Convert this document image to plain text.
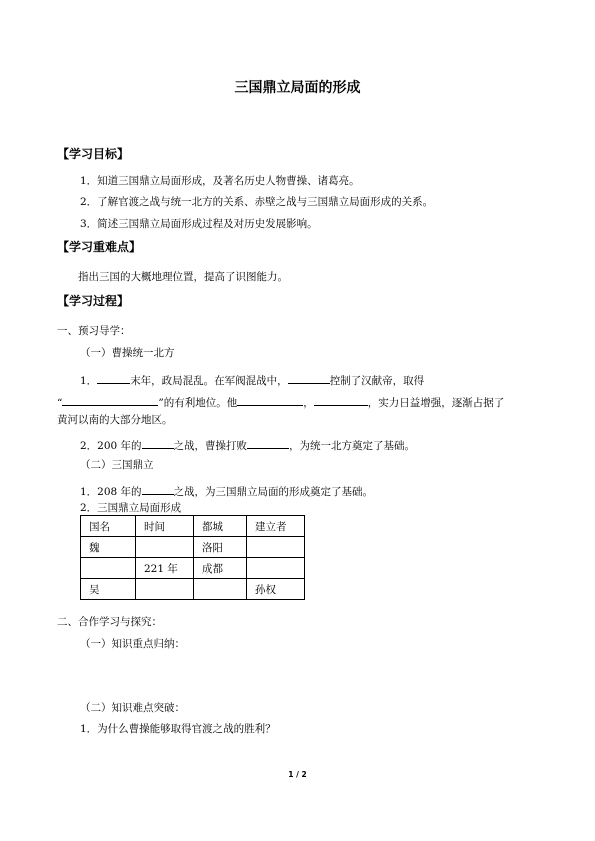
三国鼎立局面的形成
【学习目标】
1．知道三国鼎立局面形成，及著名历史人物曹操、诸葛亮。
2．了解官渡之战与统一北方的关系、赤壁之战与三国鼎立局面形成的关系。
3．简述三国鼎立局面形成过程及对历史发展影响。
【学习重难点】
指出三国的大概地理位置，提高了识图能力。
【学习过程】
一、预习导学：
（一）曹操统一北方
1．	末年，政局混乱。在军阀混战中，	控制了汉献帝，取得
“	”的有利地位。他	，	，实力日益增强，逐渐占据了
黄河以南的大部分地区。
2．200 年的	之战，曹操打败	，为统一北方奠定了基础。
（二）三国鼎立
1．208 年的	之战，为三国鼎立局面的形成奠定了基础。
2．三国鼎立局面形成
国名	时间	都城	建立者
魏		洛阳	
	221 年	成都	
吴			孙权
二、合作学习与探究：
（一）知识重点归纳：
（二）知识难点突破：
1．为什么曹操能够取得官渡之战的胜利？
1 / 2
